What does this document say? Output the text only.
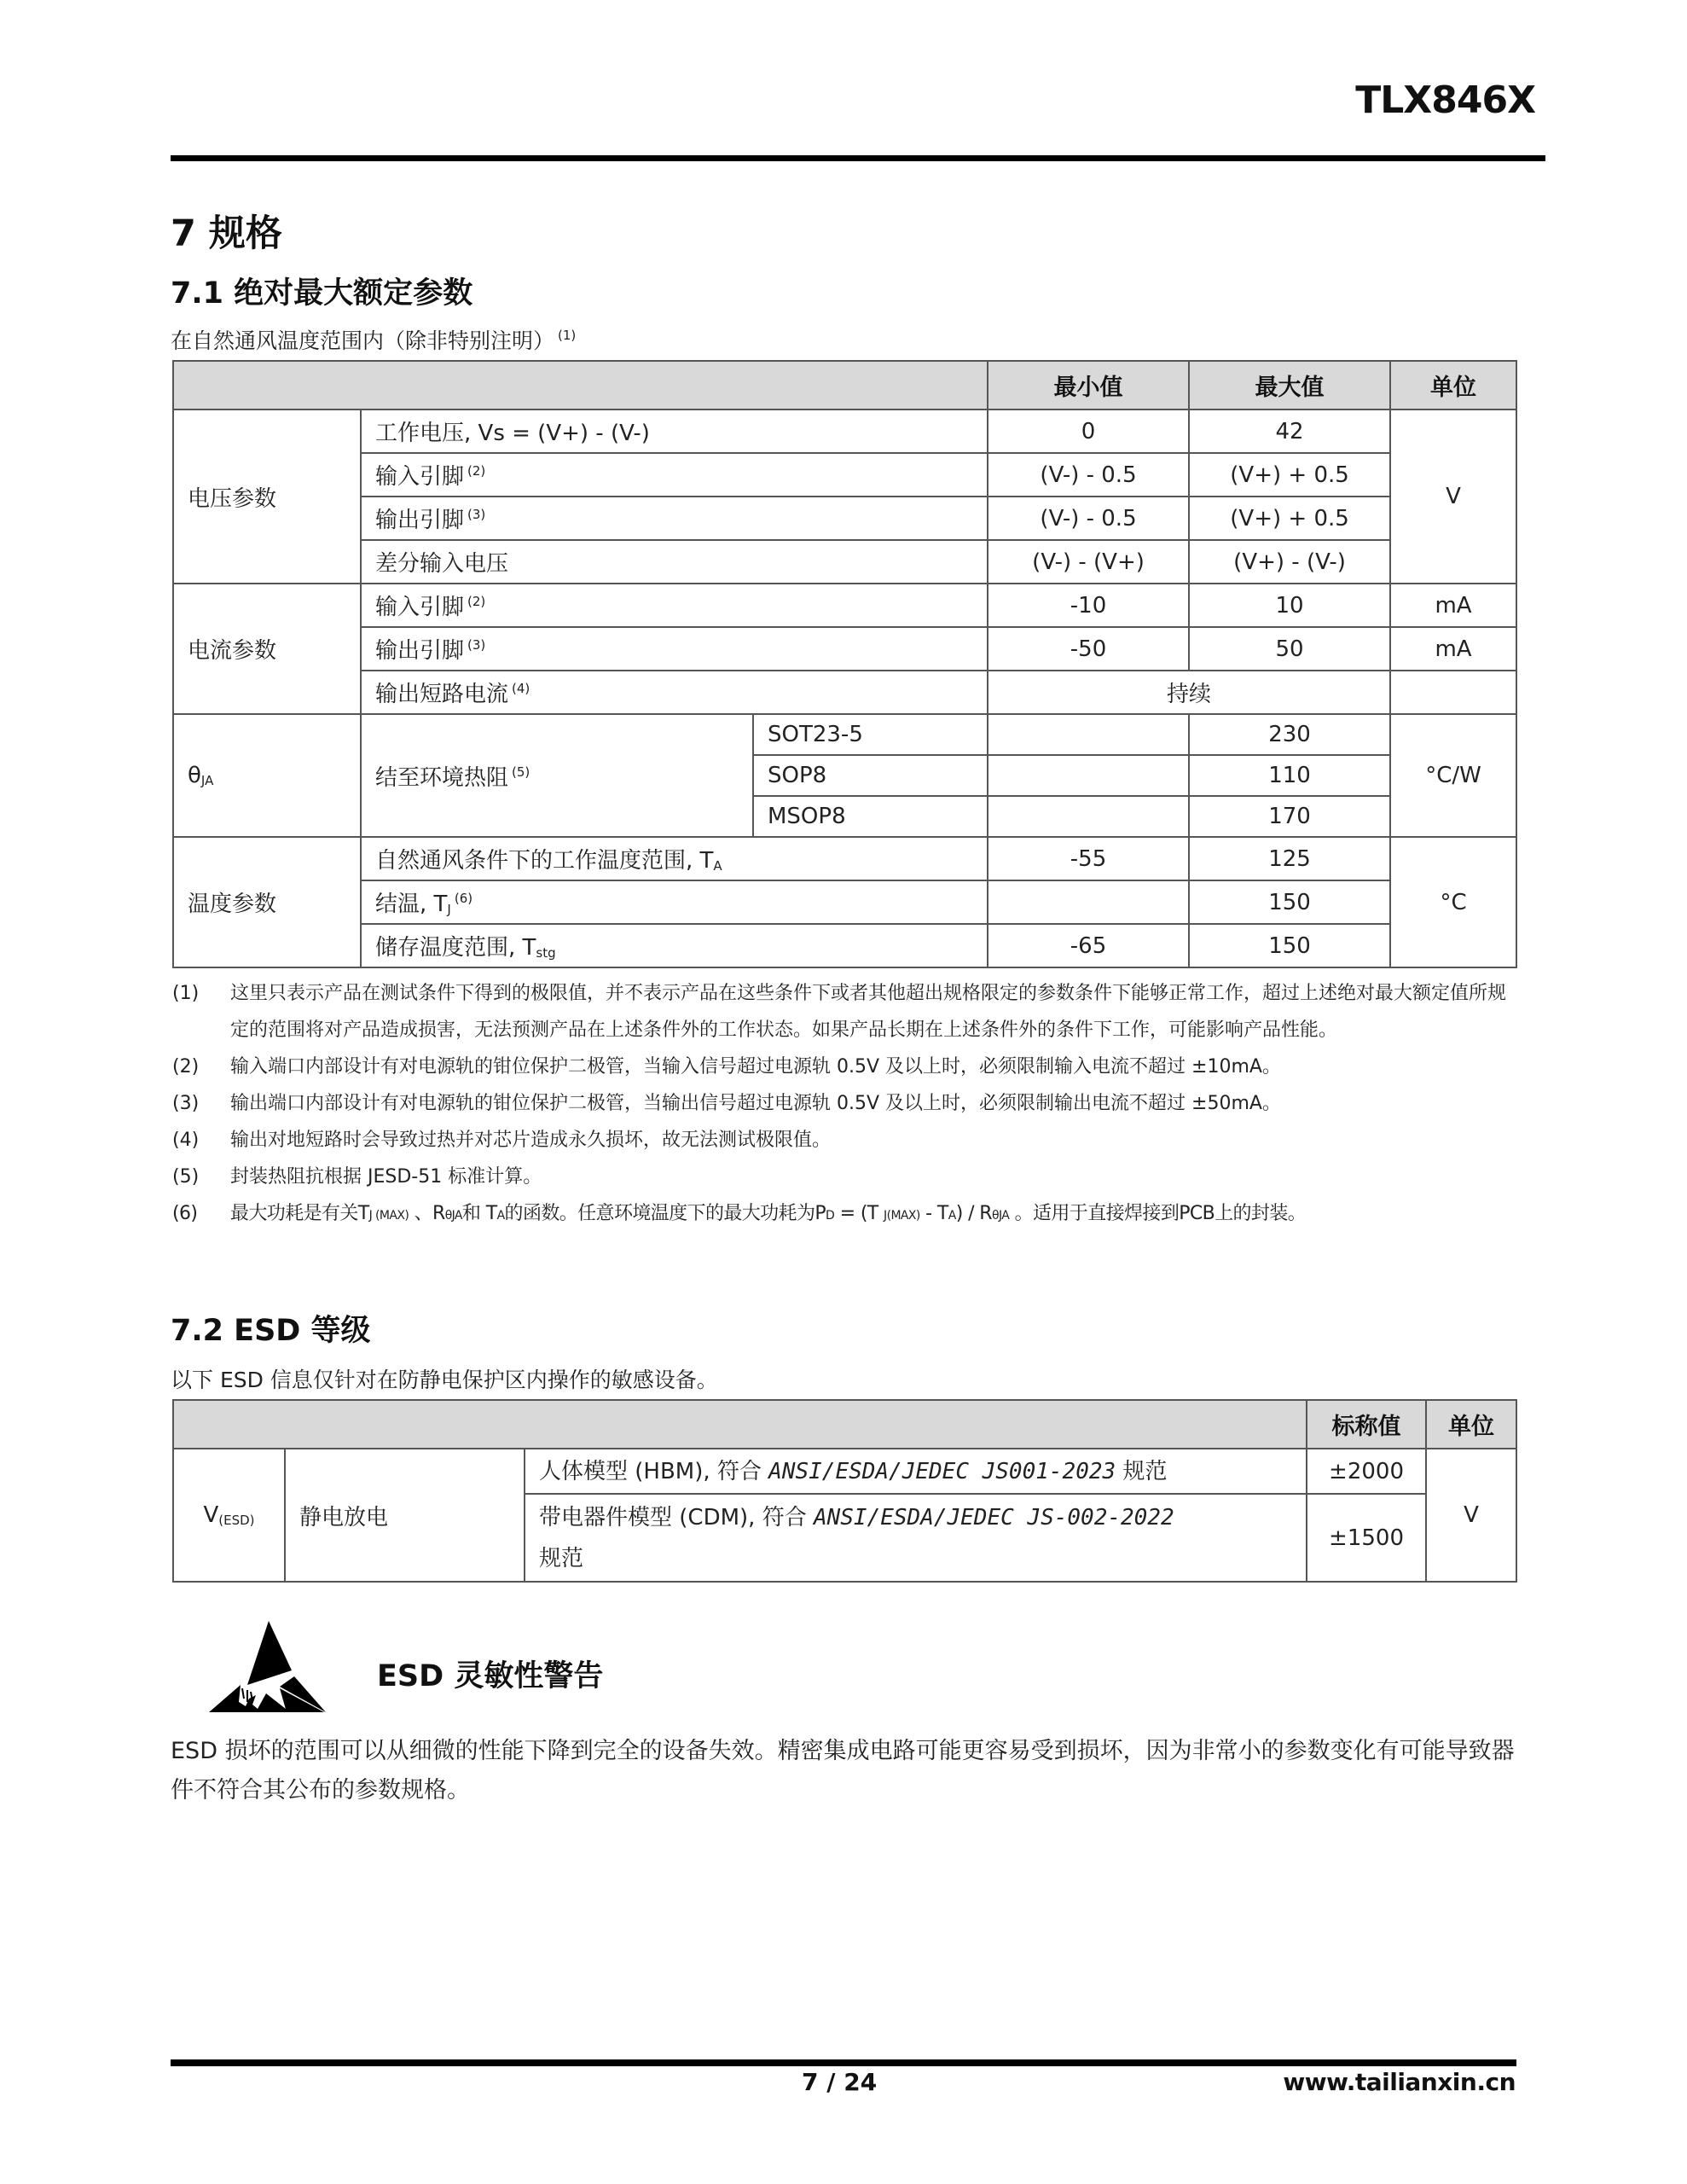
TLX846X
7 规格
7.1 绝对最大额定参数
在自然通风温度范围内（除非特别注明） $^{(1)}$
			最小值	最大值	单位
电压参数	工作电压, Vs = (V+) - (V-)		0	42	V
	输入引脚 $^{(2)}$		(V-) - 0.5	(V+) + 0.5	
	输出引脚 $^{(3)}$		(V-) - 0.5	(V+) + 0.5	
	差分输入电压		(V-) - (V+)	(V+) - (V-)	
电流参数	输入引脚 $^{(2)}$		-10	10	mA
	输出引脚 $^{(3)}$		-50	50	mA
	输出短路电流 $^{(4)}$		持续		
$\theta_{JA}$	结至环境热阻 $^{(5)}$	SOT23-5		230	°C/W
		SOP8		110	
		MSOP8		170	
温度参数	自然通风条件下的工作温度范围, $T_A$		-55	125	°C
	结温, $T_J^{(6)}$			150	
	储存温度范围, $T_{stg}$		-65	150	
(1) 这里只表示产品在测试条件下得到的极限值，并不表示产品在这些条件下或者其他超出规格限定的参数条件下能够正常工作，超过上述绝对最大额定值所规定的范围将对产品造成损害，无法预测产品在上述条件外的工作状态。如果产品长期在上述条件外的条件下工作，可能影响产品性能。
(2) 输入端口内部设计有对电源轨的钳位保护二极管，当输入信号超过电源轨 0.5V 及以上时，必须限制输入电流不超过 ±10mA。
(3) 输出端口内部设计有对电源轨的钳位保护二极管，当输出信号超过电源轨 0.5V 及以上时，必须限制输出电流不超过 ±50mA。
(4) 输出对地短路时会导致过热并对芯片造成永久损坏，故无法测试极限值。
(5) 封装热阻抗根据 JESD-51 标准计算。
(6) 最大功耗是有关TJ (MAX) 、RθJA和 TA的函数。任意环境温度下的最大功耗为PD = (T J(MAX) - TA) / RθJA 。适用于直接焊接到PCB上的封装。
7.2 ESD 等级
以下 ESD 信息仅针对在防静电保护区内操作的敏感设备。
			标称值	单位
$V_{(ESD)}$	静电放电	人体模型 (HBM), 符合 ANSI/ESDA/JEDEC JS001-2023 规范	±2000	V
		带电器件模型 (CDM), 符合 ANSI/ESDA/JEDEC JS-002-2022
规范	±1500	
ESD 灵敏性警告
ESD 损坏的范围可以从细微的性能下降到完全的设备失效。精密集成电路可能更容易受到损坏，因为非常小的参数变化有可能导致器件不符合其公布的参数规格。
7 / 24	www.tailianxin.cn
